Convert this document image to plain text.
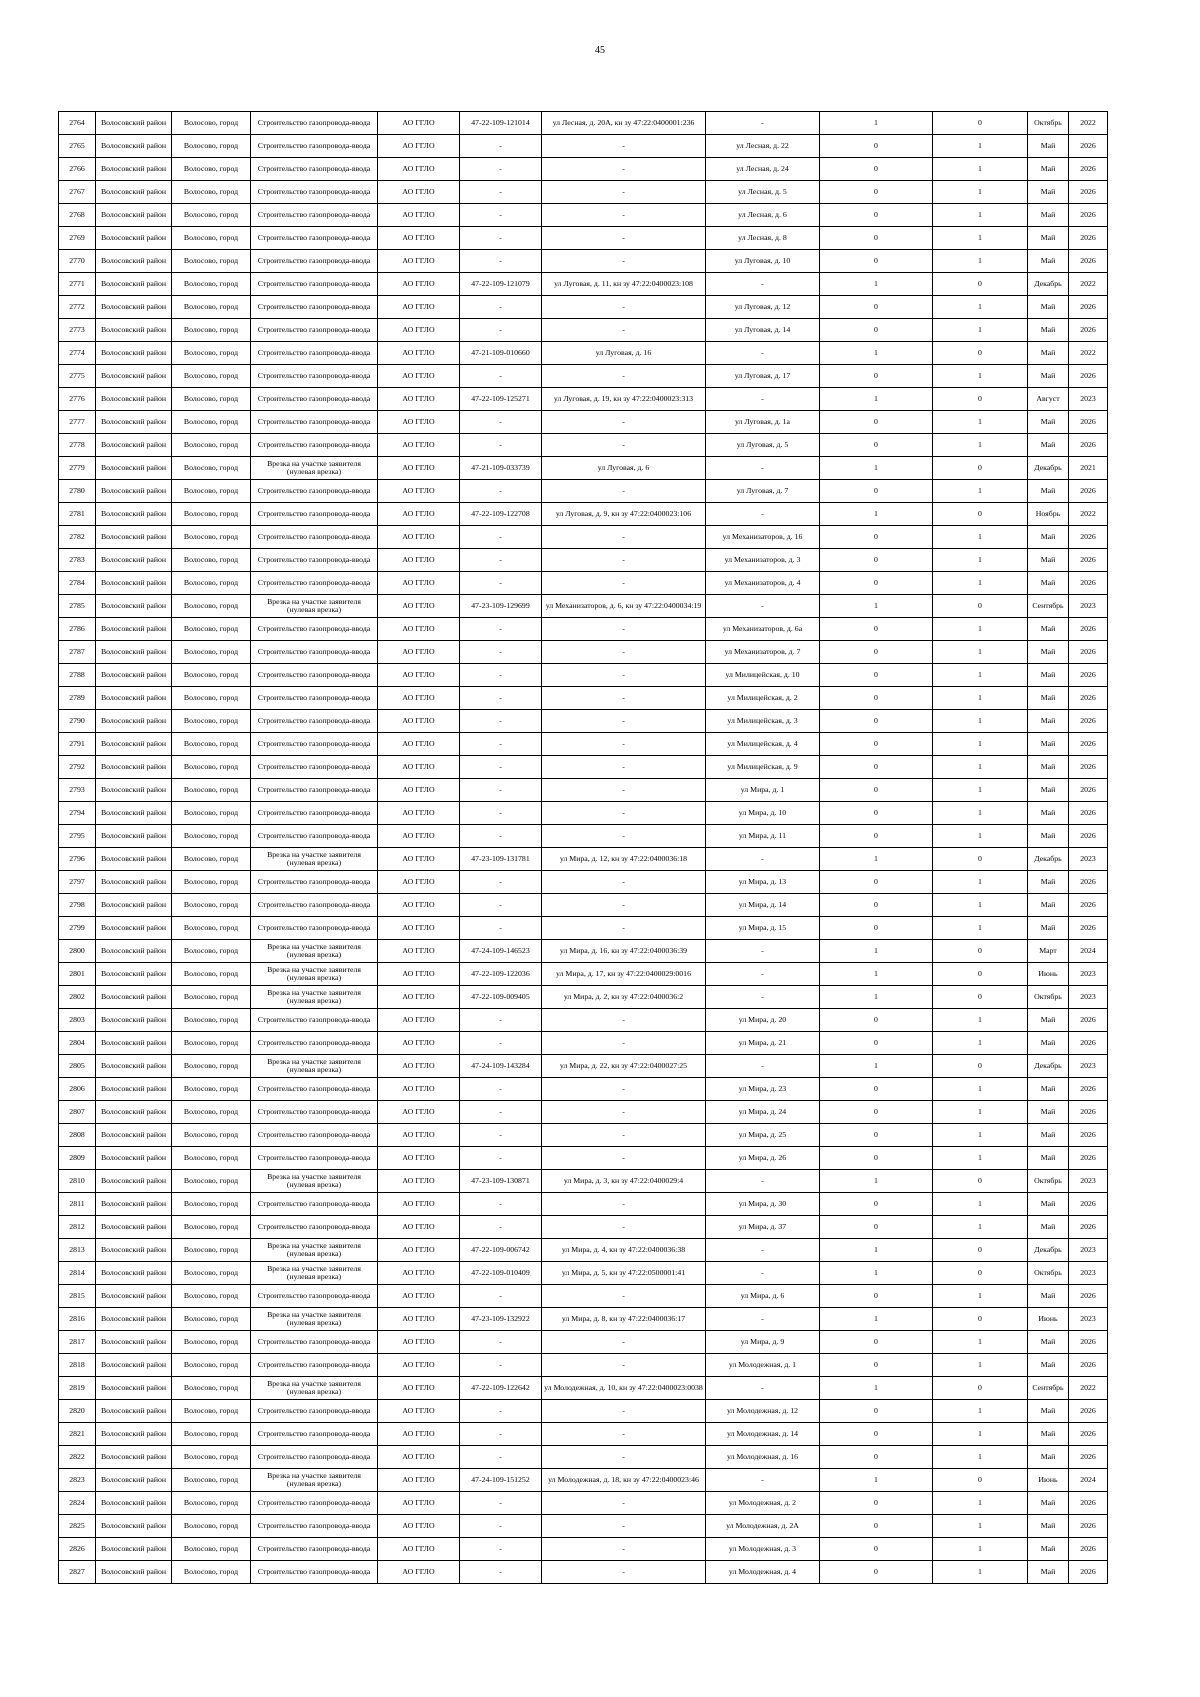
45
2764	Волосовский район	Волосово, город	Строительство газопровода-ввода	АО ГГЛО	47-22-109-121014	ул Лесная, д. 20А, кн зу 47:22:0400001:236	-	1	0	Октябрь	2022
2765	Волосовский район	Волосово, город	Строительство газопровода-ввода	АО ГГЛО	-	-	ул Лесная, д. 22	0	1	Май	2026
2766	Волосовский район	Волосово, город	Строительство газопровода-ввода	АО ГГЛО	-	-	ул Лесная, д. 24	0	1	Май	2026
2767	Волосовский район	Волосово, город	Строительство газопровода-ввода	АО ГГЛО	-	-	ул Лесная, д. 5	0	1	Май	2026
2768	Волосовский район	Волосово, город	Строительство газопровода-ввода	АО ГГЛО	-	-	ул Лесная, д. 6	0	1	Май	2026
2769	Волосовский район	Волосово, город	Строительство газопровода-ввода	АО ГГЛО	-	-	ул Лесная, д. 8	0	1	Май	2026
2770	Волосовский район	Волосово, город	Строительство газопровода-ввода	АО ГГЛО	-	-	ул Луговая, д. 10	0	1	Май	2026
2771	Волосовский район	Волосово, город	Строительство газопровода-ввода	АО ГГЛО	47-22-109-121079	ул Луговая, д. 11, кн зу 47:22:0400023:108	-	1	0	Декабрь	2022
2772	Волосовский район	Волосово, город	Строительство газопровода-ввода	АО ГГЛО	-	-	ул Луговая, д. 12	0	1	Май	2026
2773	Волосовский район	Волосово, город	Строительство газопровода-ввода	АО ГГЛО	-	-	ул Луговая, д. 14	0	1	Май	2026
2774	Волосовский район	Волосово, город	Строительство газопровода-ввода	АО ГГЛО	47-21-109-010660	ул Луговая, д. 16	-	1	0	Май	2022
2775	Волосовский район	Волосово, город	Строительство газопровода-ввода	АО ГГЛО	-	-	ул Луговая, д. 17	0	1	Май	2026
2776	Волосовский район	Волосово, город	Строительство газопровода-ввода	АО ГГЛО	47-22-109-125271	ул Луговая, д. 19, кн зу 47:22:0400023:313	-	1	0	Август	2023
2777	Волосовский район	Волосово, город	Строительство газопровода-ввода	АО ГГЛО	-	-	ул Луговая, д. 1а	0	1	Май	2026
2778	Волосовский район	Волосово, город	Строительство газопровода-ввода	АО ГГЛО	-	-	ул Луговая, д. 5	0	1	Май	2026
2779	Волосовский район	Волосово, город	Врезка на участке заявителя (нулевая врезка)	АО ГГЛО	47-21-109-033739	ул Луговая, д. 6	-	1	0	Декабрь	2021
2780	Волосовский район	Волосово, город	Строительство газопровода-ввода	АО ГГЛО	-	-	ул Луговая, д. 7	0	1	Май	2026
2781	Волосовский район	Волосово, город	Строительство газопровода-ввода	АО ГГЛО	47-22-109-122708	ул Луговая, д. 9, кн зу 47:22:0400023:106	-	1	0	Ноябрь	2022
2782	Волосовский район	Волосово, город	Строительство газопровода-ввода	АО ГГЛО	-	-	ул Механизаторов, д. 16	0	1	Май	2026
2783	Волосовский район	Волосово, город	Строительство газопровода-ввода	АО ГГЛО	-	-	ул Механизаторов, д. 3	0	1	Май	2026
2784	Волосовский район	Волосово, город	Строительство газопровода-ввода	АО ГГЛО	-	-	ул Механизаторов, д. 4	0	1	Май	2026
2785	Волосовский район	Волосово, город	Врезка на участке заявителя (нулевая врезка)	АО ГГЛО	47-23-109-129699	ул Механизаторов, д. 6, кн зу 47:22:0400034:19	-	1	0	Сентябрь	2023
2786	Волосовский район	Волосово, город	Строительство газопровода-ввода	АО ГГЛО	-	-	ул Механизаторов, д. 6а	0	1	Май	2026
2787	Волосовский район	Волосово, город	Строительство газопровода-ввода	АО ГГЛО	-	-	ул Механизаторов, д. 7	0	1	Май	2026
2788	Волосовский район	Волосово, город	Строительство газопровода-ввода	АО ГГЛО	-	-	ул Милицейская, д. 10	0	1	Май	2026
2789	Волосовский район	Волосово, город	Строительство газопровода-ввода	АО ГГЛО	-	-	ул Милицейская, д. 2	0	1	Май	2026
2790	Волосовский район	Волосово, город	Строительство газопровода-ввода	АО ГГЛО	-	-	ул Милицейская, д. 3	0	1	Май	2026
2791	Волосовский район	Волосово, город	Строительство газопровода-ввода	АО ГГЛО	-	-	ул Милицейская, д. 4	0	1	Май	2026
2792	Волосовский район	Волосово, город	Строительство газопровода-ввода	АО ГГЛО	-	-	ул Милицейская, д. 9	0	1	Май	2026
2793	Волосовский район	Волосово, город	Строительство газопровода-ввода	АО ГГЛО	-	-	ул Мира, д. 1	0	1	Май	2026
2794	Волосовский район	Волосово, город	Строительство газопровода-ввода	АО ГГЛО	-	-	ул Мира, д. 10	0	1	Май	2026
2795	Волосовский район	Волосово, город	Строительство газопровода-ввода	АО ГГЛО	-	-	ул Мира, д. 11	0	1	Май	2026
2796	Волосовский район	Волосово, город	Врезка на участке заявителя (нулевая врезка)	АО ГГЛО	47-23-109-131781	ул Мира, д. 12, кн зу 47:22:0400036:18	-	1	0	Декабрь	2023
2797	Волосовский район	Волосово, город	Строительство газопровода-ввода	АО ГГЛО	-	-	ул Мира, д. 13	0	1	Май	2026
2798	Волосовский район	Волосово, город	Строительство газопровода-ввода	АО ГГЛО	-	-	ул Мира, д. 14	0	1	Май	2026
2799	Волосовский район	Волосово, город	Строительство газопровода-ввода	АО ГГЛО	-	-	ул Мира, д. 15	0	1	Май	2026
2800	Волосовский район	Волосово, город	Врезка на участке заявителя (нулевая врезка)	АО ГГЛО	47-24-109-146523	ул Мира, д. 16, кн зу 47:22:0400036:39	-	1	0	Март	2024
2801	Волосовский район	Волосово, город	Врезка на участке заявителя (нулевая врезка)	АО ГГЛО	47-22-109-122036	ул Мира, д. 17, кн зу 47:22:0400029:0016	-	1	0	Июнь	2023
2802	Волосовский район	Волосово, город	Врезка на участке заявителя (нулевая врезка)	АО ГГЛО	47-22-109-009405	ул Мира, д. 2, кн зу 47:22:0400036:2	-	1	0	Октябрь	2023
2803	Волосовский район	Волосово, город	Строительство газопровода-ввода	АО ГГЛО	-	-	ул Мира, д. 20	0	1	Май	2026
2804	Волосовский район	Волосово, город	Строительство газопровода-ввода	АО ГГЛО	-	-	ул Мира, д. 21	0	1	Май	2026
2805	Волосовский район	Волосово, город	Врезка на участке заявителя (нулевая врезка)	АО ГГЛО	47-24-109-143284	ул Мира, д. 22, кн зу 47:22:0400027:25	-	1	0	Декабрь	2023
2806	Волосовский район	Волосово, город	Строительство газопровода-ввода	АО ГГЛО	-	-	ул Мира, д. 23	0	1	Май	2026
2807	Волосовский район	Волосово, город	Строительство газопровода-ввода	АО ГГЛО	-	-	ул Мира, д. 24	0	1	Май	2026
2808	Волосовский район	Волосово, город	Строительство газопровода-ввода	АО ГГЛО	-	-	ул Мира, д. 25	0	1	Май	2026
2809	Волосовский район	Волосово, город	Строительство газопровода-ввода	АО ГГЛО	-	-	ул Мира, д. 26	0	1	Май	2026
2810	Волосовский район	Волосово, город	Врезка на участке заявителя (нулевая врезка)	АО ГГЛО	47-23-109-130871	ул Мира, д. 3, кн зу 47:22:0400029:4	-	1	0	Октябрь	2023
2811	Волосовский район	Волосово, город	Строительство газопровода-ввода	АО ГГЛО	-	-	ул Мира, д. 30	0	1	Май	2026
2812	Волосовский район	Волосово, город	Строительство газопровода-ввода	АО ГГЛО	-	-	ул Мира, д. 37	0	1	Май	2026
2813	Волосовский район	Волосово, город	Врезка на участке заявителя (нулевая врезка)	АО ГГЛО	47-22-109-006742	ул Мира, д. 4, кн зу 47:22:0400036:38	-	1	0	Декабрь	2023
2814	Волосовский район	Волосово, город	Врезка на участке заявителя (нулевая врезка)	АО ГГЛО	47-22-109-010409	ул Мира, д. 5, кн зу 47:22:0500001:41	-	1	0	Октябрь	2023
2815	Волосовский район	Волосово, город	Строительство газопровода-ввода	АО ГГЛО	-	-	ул Мира, д. 6	0	1	Май	2026
2816	Волосовский район	Волосово, город	Врезка на участке заявителя (нулевая врезка)	АО ГГЛО	47-23-109-132922	ул Мира, д. 8, кн зу 47:22:0400036:17	-	1	0	Июнь	2023
2817	Волосовский район	Волосово, город	Строительство газопровода-ввода	АО ГГЛО	-	-	ул Мира, д. 9	0	1	Май	2026
2818	Волосовский район	Волосово, город	Строительство газопровода-ввода	АО ГГЛО	-	-	ул Молодежная, д. 1	0	1	Май	2026
2819	Волосовский район	Волосово, город	Врезка на участке заявителя (нулевая врезка)	АО ГГЛО	47-22-109-122642	ул Молодежная, д. 10, кн зу 47:22:0400023:0038	-	1	0	Сентябрь	2022
2820	Волосовский район	Волосово, город	Строительство газопровода-ввода	АО ГГЛО	-	-	ул Молодежная, д. 12	0	1	Май	2026
2821	Волосовский район	Волосово, город	Строительство газопровода-ввода	АО ГГЛО	-	-	ул Молодежная, д. 14	0	1	Май	2026
2822	Волосовский район	Волосово, город	Строительство газопровода-ввода	АО ГГЛО	-	-	ул Молодежная, д. 16	0	1	Май	2026
2823	Волосовский район	Волосово, город	Врезка на участке заявителя (нулевая врезка)	АО ГГЛО	47-24-109-151252	ул Молодежная, д. 18, кн зу 47:22:0400023:46	-	1	0	Июнь	2024
2824	Волосовский район	Волосово, город	Строительство газопровода-ввода	АО ГГЛО	-	-	ул Молодежная, д. 2	0	1	Май	2026
2825	Волосовский район	Волосово, город	Строительство газопровода-ввода	АО ГГЛО	-	-	ул Молодежная, д. 2А	0	1	Май	2026
2826	Волосовский район	Волосово, город	Строительство газопровода-ввода	АО ГГЛО	-	-	ул Молодежная, д. 3	0	1	Май	2026
2827	Волосовский район	Волосово, город	Строительство газопровода-ввода	АО ГГЛО	-	-	ул Молодежная, д. 4	0	1	Май	2026
